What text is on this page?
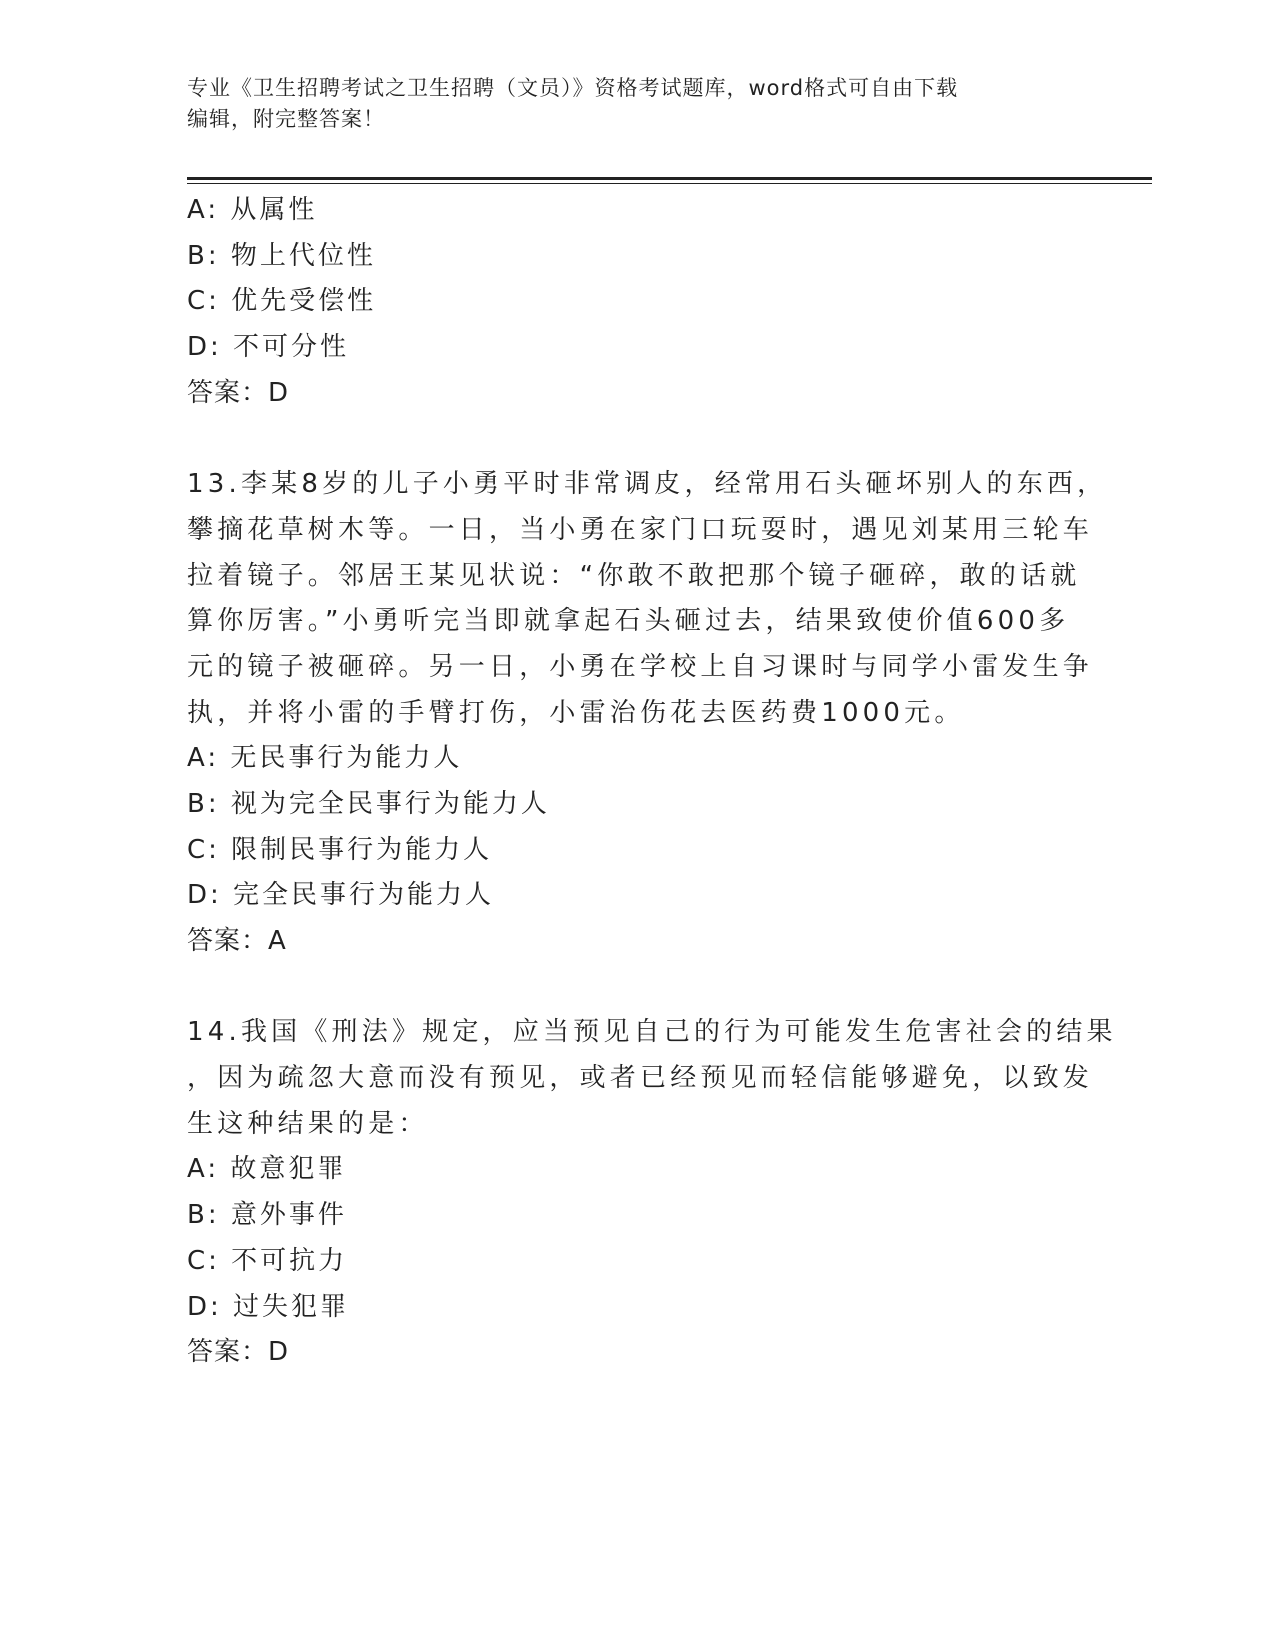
专业《卫生招聘考试之卫生招聘（文员）》资格考试题库，word格式可自由下载
编辑，附完整答案！
A: 从属性
B: 物上代位性
C: 优先受偿性
D: 不可分性
答案：D
13.李某8岁的儿子小勇平时非常调皮，经常用石头砸坏别人的东西，
攀摘花草树木等。一日，当小勇在家门口玩耍时，遇见刘某用三轮车
拉着镜子。邻居王某见状说：“你敢不敢把那个镜子砸碎，敢的话就
算你厉害。”小勇听完当即就拿起石头砸过去，结果致使价值600多
元的镜子被砸碎。另一日，小勇在学校上自习课时与同学小雷发生争
执，并将小雷的手臂打伤，小雷治伤花去医药费1000元。
A: 无民事行为能力人
B: 视为完全民事行为能力人
C: 限制民事行为能力人
D: 完全民事行为能力人
答案：A
14.我国《刑法》规定，应当预见自己的行为可能发生危害社会的结果
，因为疏忽大意而没有预见，或者已经预见而轻信能够避免，以致发
生这种结果的是：
A: 故意犯罪
B: 意外事件
C: 不可抗力
D: 过失犯罪
答案：D
